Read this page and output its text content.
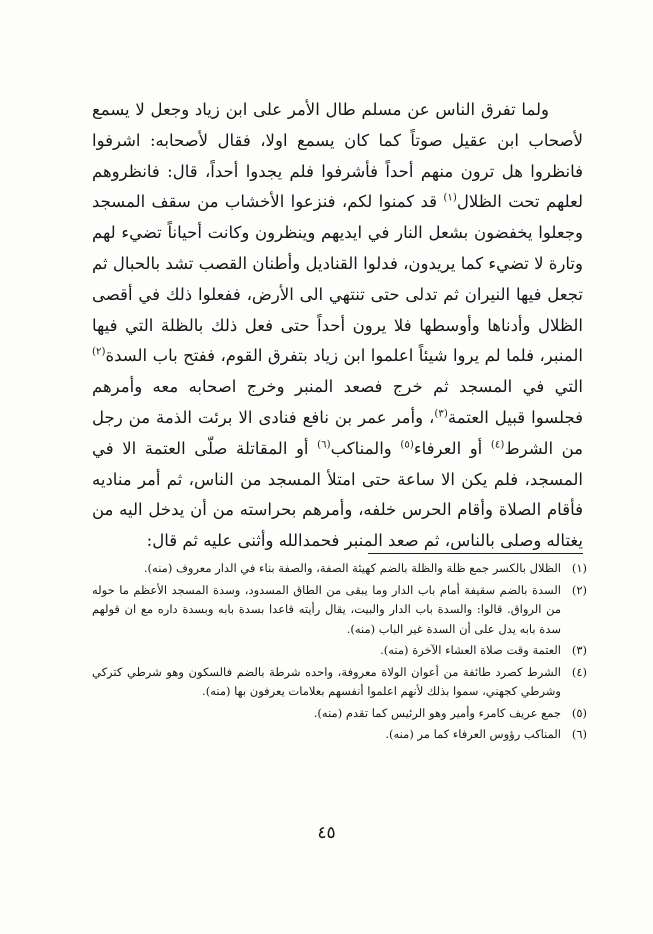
ولما تفرق الناس عن مسلم طال الأمر على ابن زياد وجعل لا يسمع لأصحاب ابن عقيل صوتاً كما كان يسمع اولا، فقال لأصحابه: اشرفوا فانظروا هل ترون منهم أحداً فأشرفوا فلم يجدوا أحداً، قال: فانظروهم لعلهم تحت الظلال$^{(١)}$ قد كمنوا لكم، فنزعوا الأخشاب من سقف المسجد وجعلوا يخفضون بشعل النار في ايديهم وينظرون وكانت أحياناً تضيء لهم وتارة لا تضيء كما يريدون، فدلوا القناديل وأطنان القصب تشد بالحبال ثم تجعل فيها النيران ثم تدلى حتى تنتهي الى الأرض، ففعلوا ذلك في أقصى الظلال وأدناها وأوسطها فلا يرون أحداً حتى فعل ذلك بالظلة التي فيها المنبر، فلما لم يروا شيئاً اعلموا ابن زياد بتفرق القوم، ففتح باب السدة$^{(٢)}$ التي في المسجد ثم خرج فصعد المنبر وخرج اصحابه معه وأمرهم فجلسوا قبيل العتمة$^{(٣)}$، وأمر عمر بن نافع فنادى الا برئت الذمة من رجل من الشرط$^{(٤)}$ أو العرفاء$^{(٥)}$ والمناكب$^{(٦)}$ أو المقاتلة صلّى العتمة الا في المسجد، فلم يكن الا ساعة حتى امتلأ المسجد من الناس، ثم أمر مناديه فأقام الصلاة وأقام الحرس خلفه، وأمرهم بحراسته من أن يدخل اليه من يغتاله وصلى بالناس، ثم صعد المنبر فحمدالله وأثنى عليه ثم قال:

(١)
الظلال بالكسر جمع ظلة والظلة بالضم كهيئة الصفة، والصفة بناء في الدار معروف (منه).
(٢)
السدة بالضم سقيفة أمام باب الدار وما يبقى من الطاق المسدود، وسدة المسجد الأعظم ما حوله من الرواق. قالوا: والسدة باب الدار والبيت، يقال رأيته قاعدا بسدة بابه وبسدة داره مع ان قولهم سدة بابه يدل على أن السدة غير الباب (منه).
(٣)
العتمة وقت صلاة العشاء الآخرة (منه).
(٤)
الشرط كصرد طائفة من أعوان الولاة معروفة، واحده شرطة بالضم فالسكون وهو شرطي كتركي وشرطي كجهني، سموا بذلك لأنهم اعلموا أنفسهم بعلامات يعرفون بها (منه).
(٥)
جمع عريف كامرء وأمير وهو الرئيس كما تقدم (منه).
(٦)
المناكب رؤوس العرفاء كما مر (منه).
٤٥
